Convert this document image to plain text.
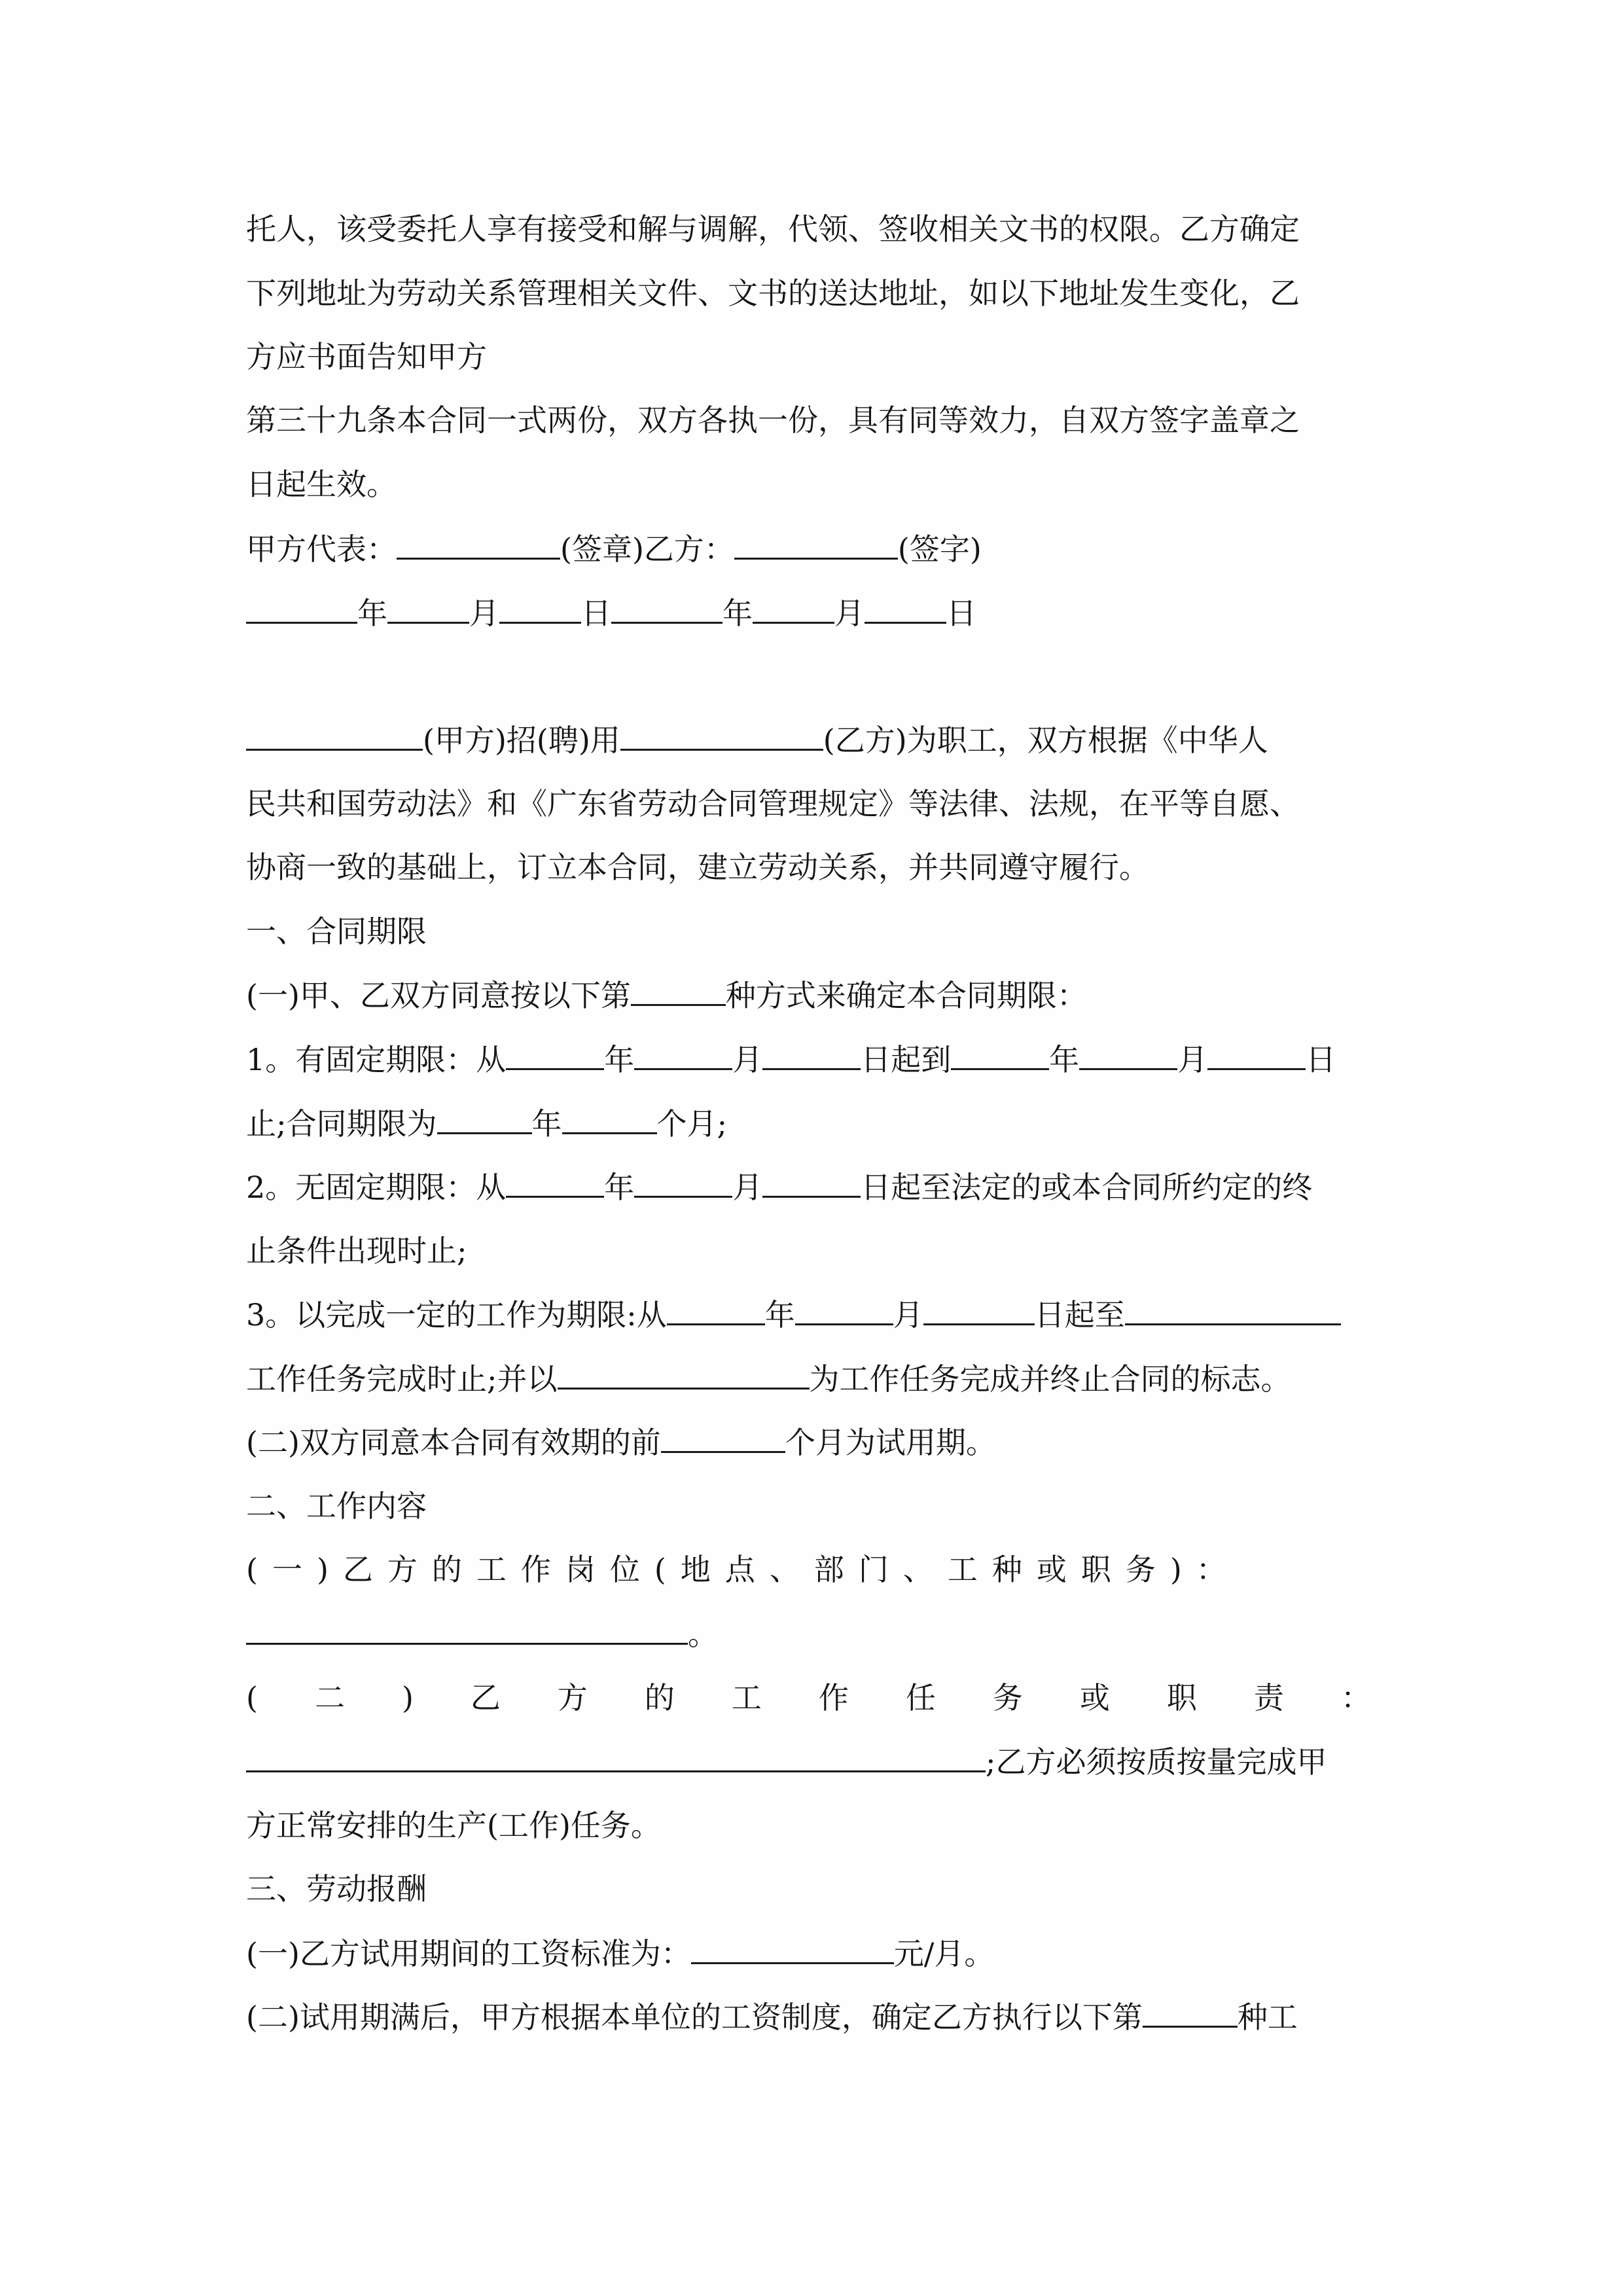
托人，该受委托人享有接受和解与调解，代领、签收相关文书的权限。乙方确定
下列地址为劳动关系管理相关文件、文书的送达地址，如以下地址发生变化，乙
方应书面告知甲方
第三十九条本合同一式两份，双方各执一份，具有同等效力，自双方签字盖章之
日起生效。
甲方代表：	(签章)乙方：	(签字)
年	月	日	年	月	日
(甲方)招(聘)用	(乙方)为职工，双方根据《中华人
民共和国劳动法》和《广东省劳动合同管理规定》等法律、法规，在平等自愿、
协商一致的基础上，订立本合同，建立劳动关系，并共同遵守履行。
一、合同期限
(一)甲、乙双方同意按以下第	种方式来确定本合同期限：
1。有固定期限：从	年	月	日起到	年	月	日
止;合同期限为	年	个月;
2。无固定期限：从	年	月	日起至法定的或本合同所约定的终
止条件出现时止;
3。以完成一定的工作为期限:从	年	月	日起至
工作任务完成时止;并以	为工作任务完成并终止合同的标志。
(二)双方同意本合同有效期的前	个月为试用期。
二、工作内容
(一)乙方的工作岗位(地点、部门、工种或职务)：
。
(二)乙方的工作任务或职责：
;乙方必须按质按量完成甲
方正常安排的生产(工作)任务。
三、劳动报酬
(一)乙方试用期间的工资标准为：	元/月。
(二)试用期满后，甲方根据本单位的工资制度，确定乙方执行以下第	种工
